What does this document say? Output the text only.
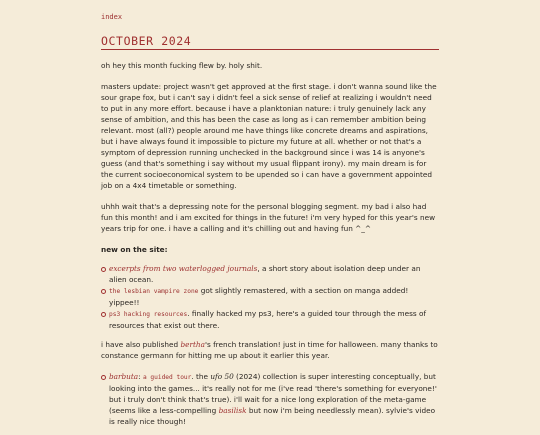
index
OCTOBER 2024

oh hey this month fucking flew by. holy shit.

masters update: project wasn't get approved at the first stage. i don't wanna sound like the sour grape fox, but i can't say i didn't feel a sick sense of relief at realizing i wouldn't need to put in any more effort. because i have a planktonian nature: i truly genuinely lack any sense of ambition, and this has been the case as long as i can remember ambition being relevant. most (all?) people around me have things like concrete dreams and aspirations, but i have always found it impossible to picture my future at all. whether or not that's a symptom of depression running unchecked in the background since i was 14 is anyone's guess (and that's something i say without my usual flippant irony). my main dream is for the current socioeconomical system to be upended so i can have a government appointed job on a 4x4 timetable or something.

uhhh wait that's a depressing note for the personal blogging segment. my bad i also had fun this month! and i am excited for things in the future! i'm very hyped for this year's new years trip for one. i have a calling and it's chilling out and having fun ^_^

new on the site:

excerpts from two waterlogged journals, a short story about isolation deep under an alien ocean.
the lesbian vampire zone got slightly remastered, with a section on manga added! yippee!!
ps3 hacking resources. finally hacked my ps3, here's a guided tour through the mess of resources that exist out there.

i have also published bertha's french translation! just in time for halloween. many thanks to constance germann for hitting me up about it earlier this year.

barbuta: a guided tour. the ufo 50 (2024) collection is super interesting conceptually, but looking into the games... it's really not for me (i've read 'there's something for everyone!' but i truly don't think that's true). i'll wait for a nice long exploration of the meta-game (seems like a less-compelling basilisk but now i'm being needlessly mean). sylvie's video is really nice though!
